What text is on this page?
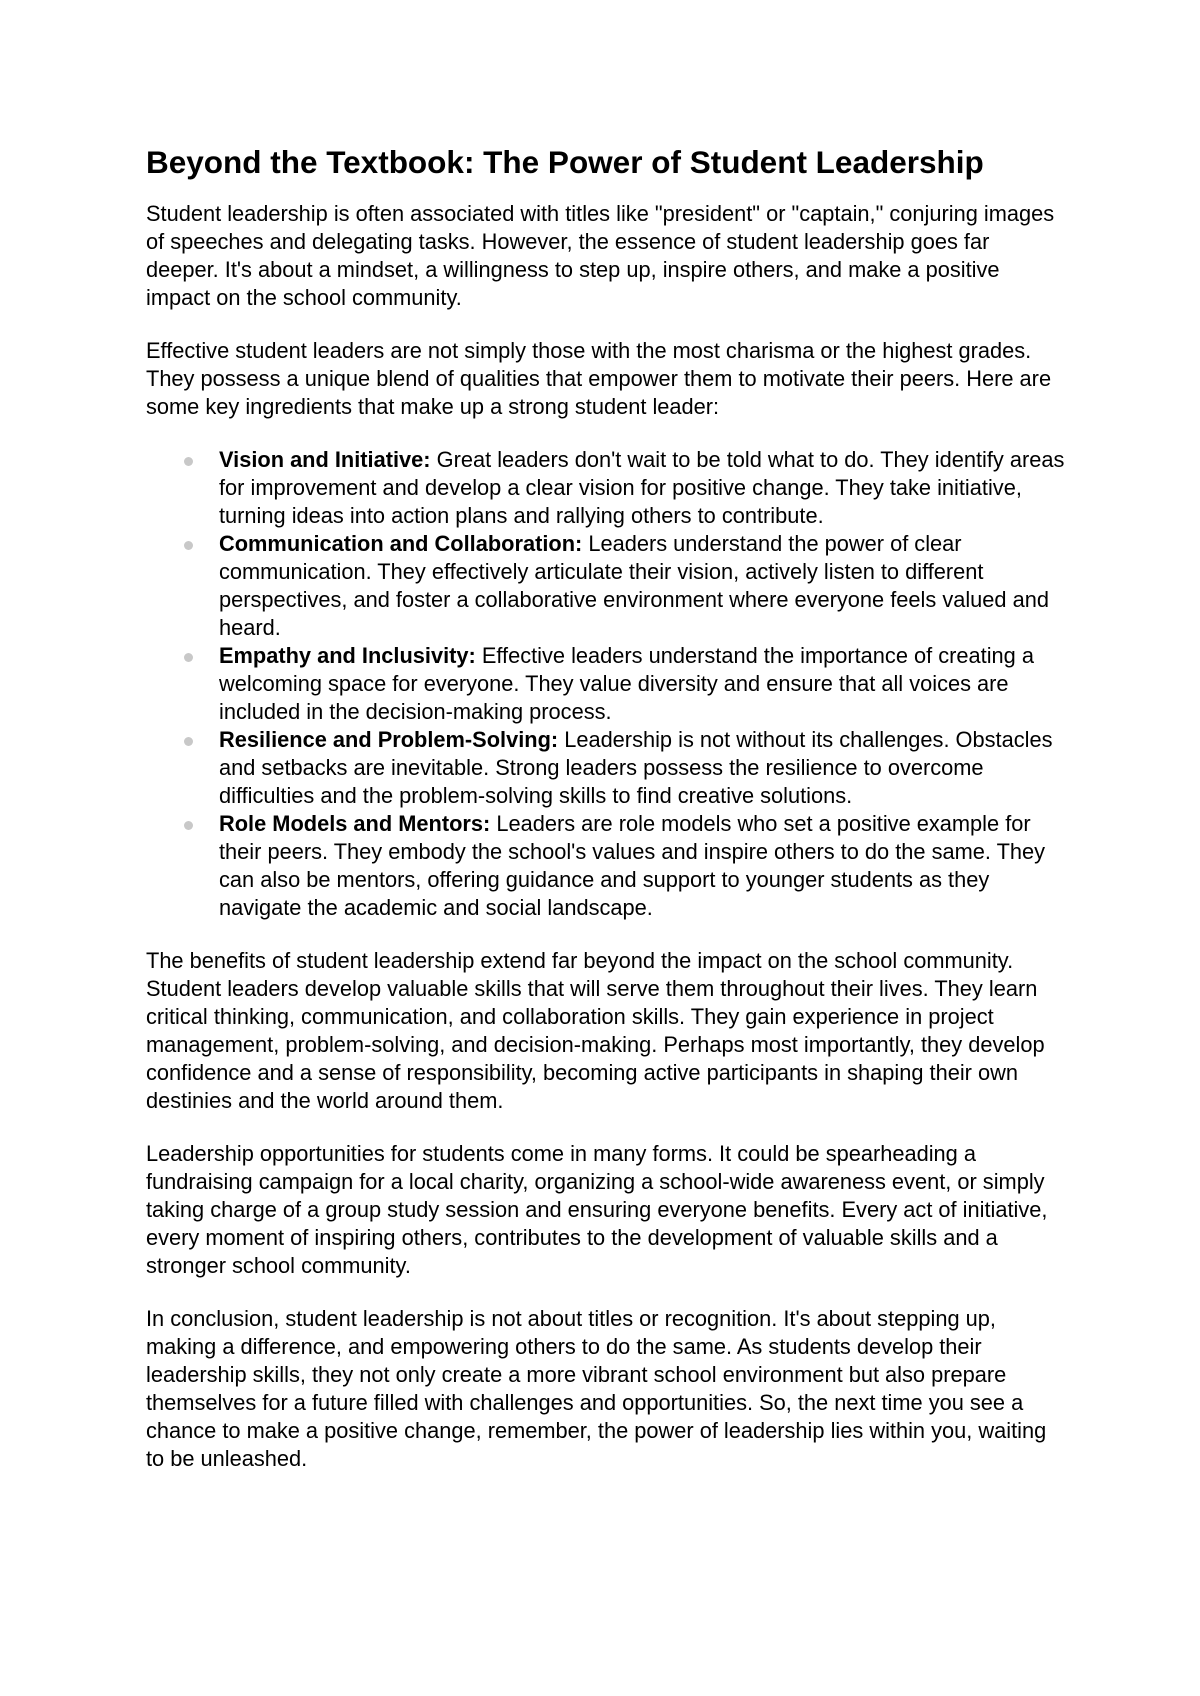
Beyond the Textbook: The Power of Student Leadership

Student leadership is often associated with titles like "president" or "captain," conjuring images of speeches and delegating tasks. However, the essence of student leadership goes far deeper. It's about a mindset, a willingness to step up, inspire others, and make a positive impact on the school community.

Effective student leaders are not simply those with the most charisma or the highest grades. They possess a unique blend of qualities that empower them to motivate their peers. Here are some key ingredients that make up a strong student leader:

Vision and Initiative: Great leaders don't wait to be told what to do. They identify areas for improvement and develop a clear vision for positive change. They take initiative, turning ideas into action plans and rallying others to contribute.
Communication and Collaboration: Leaders understand the power of clear communication. They effectively articulate their vision, actively listen to different perspectives, and foster a collaborative environment where everyone feels valued and heard.
Empathy and Inclusivity: Effective leaders understand the importance of creating a welcoming space for everyone. They value diversity and ensure that all voices are included in the decision-making process.
Resilience and Problem-Solving: Leadership is not without its challenges. Obstacles and setbacks are inevitable. Strong leaders possess the resilience to overcome difficulties and the problem-solving skills to find creative solutions.
Role Models and Mentors: Leaders are role models who set a positive example for their peers. They embody the school's values and inspire others to do the same. They can also be mentors, offering guidance and support to younger students as they navigate the academic and social landscape.

The benefits of student leadership extend far beyond the impact on the school community. Student leaders develop valuable skills that will serve them throughout their lives. They learn critical thinking, communication, and collaboration skills. They gain experience in project management, problem-solving, and decision-making. Perhaps most importantly, they develop confidence and a sense of responsibility, becoming active participants in shaping their own destinies and the world around them.

Leadership opportunities for students come in many forms. It could be spearheading a fundraising campaign for a local charity, organizing a school-wide awareness event, or simply taking charge of a group study session and ensuring everyone benefits. Every act of initiative, every moment of inspiring others, contributes to the development of valuable skills and a stronger school community.

In conclusion, student leadership is not about titles or recognition. It's about stepping up, making a difference, and empowering others to do the same. As students develop their leadership skills, they not only create a more vibrant school environment but also prepare themselves for a future filled with challenges and opportunities. So, the next time you see a chance to make a positive change, remember, the power of leadership lies within you, waiting to be unleashed.
